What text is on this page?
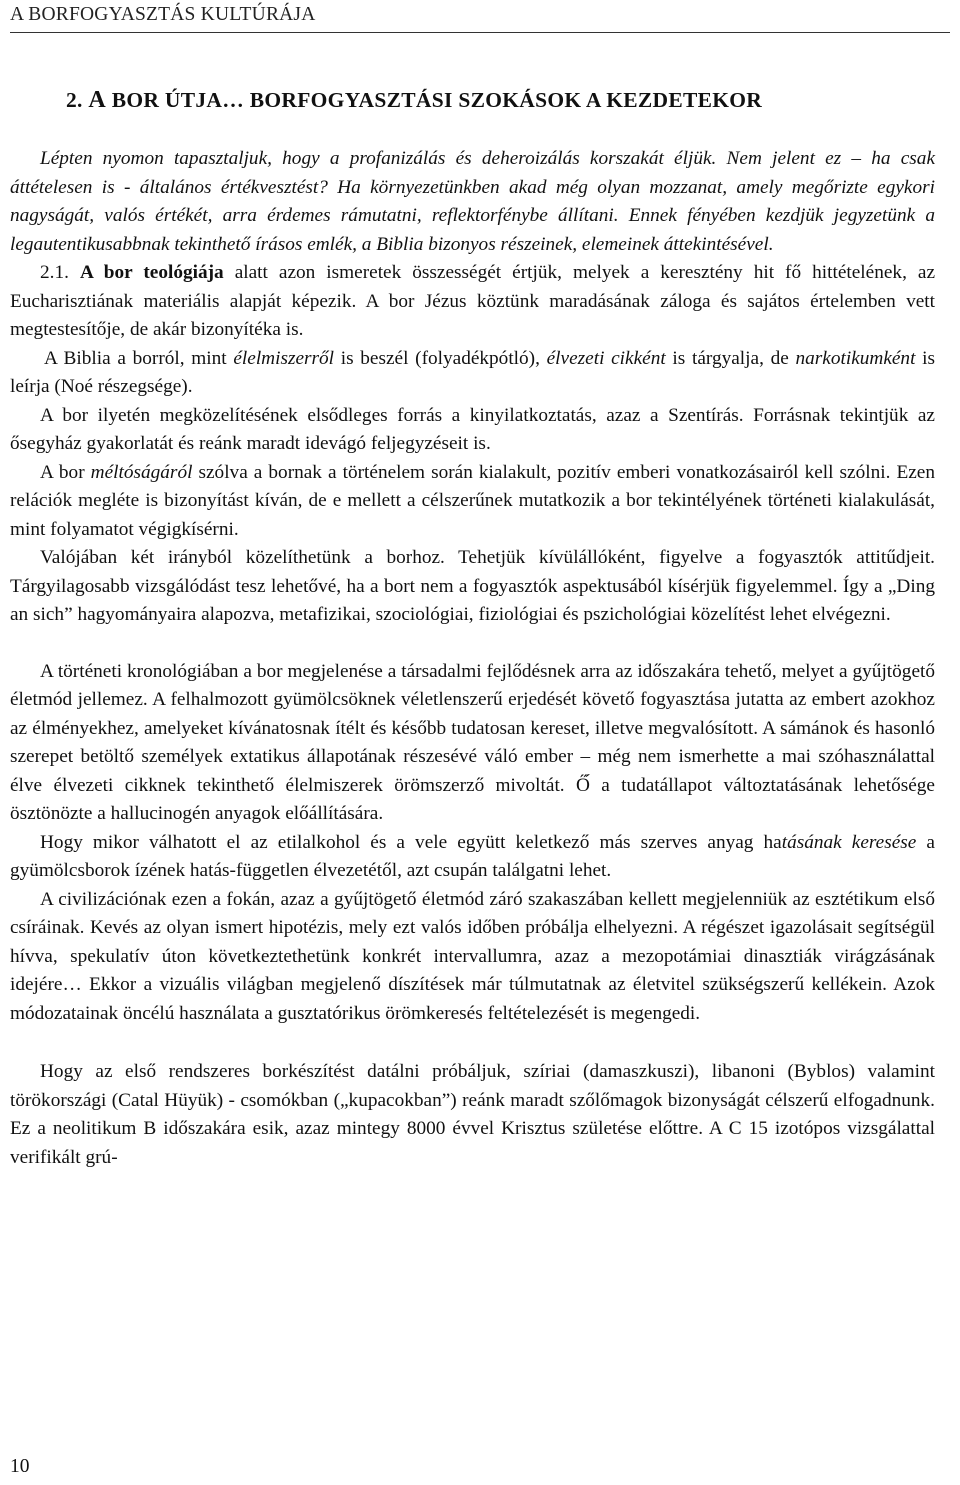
A BORFOGYASZTÁS KULTÚRÁJA
2. A BOR ÚTJA… BORFOGYASZTÁSI SZOKÁSOK A KEZDETEKOR

Lépten nyomon tapasztaljuk, hogy a profanizálás és deheroizálás korszakát éljük. Nem jelent ez – ha csak áttételesen is - általános értékvesztést? Ha környezetünkben akad még olyan mozzanat, amely megőrizte egykori nagyságát, valós értékét, arra érdemes rámutatni, reflektorfénybe állítani. Ennek fényében kezdjük jegyzetünk a legautentikusabbnak tekinthető írásos emlék, a Biblia bizonyos részeinek, elemeinek áttekintésével.

2.1. A bor teológiája alatt azon ismeretek összességét értjük, melyek a keresztény hit fő hittételének, az Eucharisztiának materiális alapját képezik. A bor Jézus köztünk maradásának záloga és sajátos értelemben vett megtestesítője, de akár bizonyítéka is.

A Biblia a borról, mint élelmiszerről is beszél (folyadékpótló), élvezeti cikként is tárgyalja, de narkotikumként is leírja (Noé részegsége).

A bor ilyetén megközelítésének elsődleges forrás a kinyilatkoztatás, azaz a Szentírás. Forrásnak tekintjük az ősegyház gyakorlatát és reánk maradt idevágó feljegyzéseit is.

A bor méltóságáról szólva a bornak a történelem során kialakult, pozitív emberi vonatkozásairól kell szólni. Ezen relációk megléte is bizonyítást kíván, de e mellett a célszerűnek mutatkozik a bor tekintélyének történeti kialakulását, mint folyamatot végigkísérni.

Valójában két irányból közelíthetünk a borhoz. Tehetjük kívülállóként, figyelve a fogyasztók attitűdjeit. Tárgyilagosabb vizsgálódást tesz lehetővé, ha a bort nem a fogyasztók aspektusából kísérjük figyelemmel. Így a „Ding an sich” hagyományaira alapozva, metafizikai, szociológiai, fiziológiai és pszichológiai közelítést lehet elvégezni.

A történeti kronológiában a bor megjelenése a társadalmi fejlődésnek arra az időszakára tehető, melyet a gyűjtögető életmód jellemez. A felhalmozott gyümölcsöknek véletlenszerű erjedését követő fogyasztása jutatta az embert azokhoz az élményekhez, amelyeket kívánatosnak ítélt és később tudatosan kereset, illetve megvalósított. A sámánok és hasonló szerepet betöltő személyek extatikus állapotának részesévé váló ember – még nem ismerhette a mai szóhasználattal élve élvezeti cikknek tekinthető élelmiszerek örömszerző mivoltát. Ő́ a tudatállapot változtatásának lehetősége ösztönözte a hallucinogén anyagok előállítására.

Hogy mikor válhatott el az etilalkohol és a vele együtt keletkező más szerves anyag hatásának keresése a gyümölcsborok ízének hatás-független élvezetétől, azt csupán találgatni lehet.

A civilizációnak ezen a fokán, azaz a gyűjtögető életmód záró szakaszában kellett megjelenniük az esztétikum első csíráinak. Kevés az olyan ismert hipotézis, mely ezt valós időben próbálja elhelyezni. A régészet igazolásait segítségül hívva, spekulatív úton következtethetünk konkrét intervallumra, azaz a mezopotámiai dinasztiák virágzásának idejére… Ekkor a vizuális világban megjelenő díszítések már túlmutatnak az életvitel szükségszerű kellékein. Azok módozatainak öncélú használata a gusztatórikus örömkeresés feltételezését is megengedi.

Hogy az első rendszeres borkészítést datálni próbáljuk, szíriai (damaszkuszi), libanoni (Byblos) valamint törökországi (Catal Hüyük) - csomókban („kupacokban”) reánk maradt szőlőmagok bizonyságát célszerű elfogadnunk. Ez a neolitikum B időszakára esik, azaz mintegy 8000 évvel Krisztus születése előttre. A C 15 izotópos vizsgálattal verifikált grú-

10
